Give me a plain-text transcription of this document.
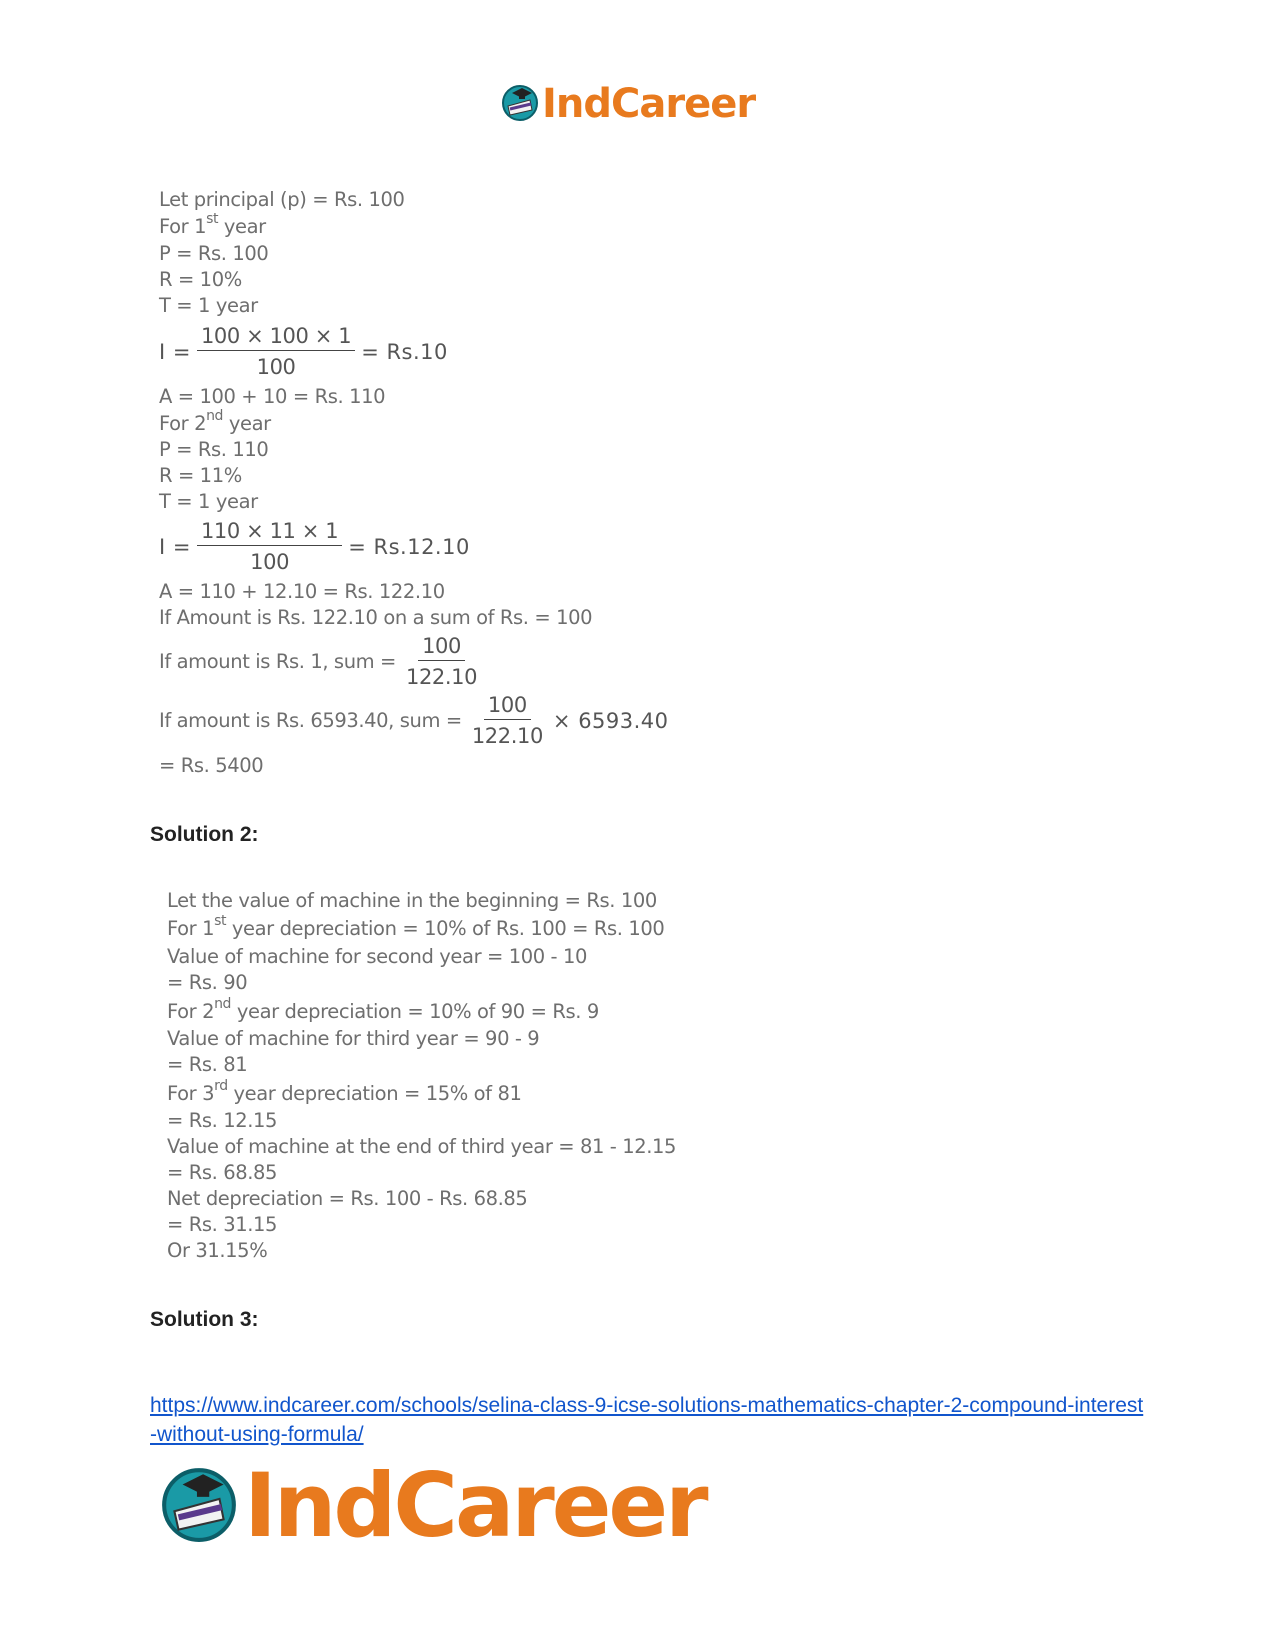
IndCareer
Let principal (p) = Rs. 100
For 1st year
P = Rs. 100
R = 10%
T = 1 year
$I = \frac{100 \times 100 \times 1}{100} = Rs.10$
A = 100 + 10 = Rs. 110
For 2nd year
P = Rs. 110
R = 11%
T = 1 year
$I = \frac{110 \times 11 \times 1}{100} = Rs.12.10$
A = 110 + 12.10 = Rs. 122.10
If Amount is Rs. 122.10 on a sum of Rs. = 100
If amount is Rs. 1, sum = $\frac{100}{122.10}$
If amount is Rs. 6593.40, sum = $\frac{100}{122.10} \times 6593.40$
= Rs. 5400
Solution 2:
Let the value of machine in the beginning = Rs. 100
For 1st year depreciation = 10% of Rs. 100 = Rs. 100
Value of machine for second year = 100 - 10
= Rs. 90
For 2nd year depreciation = 10% of 90 = Rs. 9
Value of machine for third year = 90 - 9
= Rs. 81
For 3rd year depreciation = 15% of 81
= Rs. 12.15
Value of machine at the end of third year = 81 - 12.15
= Rs. 68.85
Net depreciation = Rs. 100 - Rs. 68.85
= Rs. 31.15
Or 31.15%
Solution 3:
https://www.indcareer.com/schools/selina-class-9-icse-solutions-mathematics-chapter-2-compound-interest-without-using-formula/
IndCareer
